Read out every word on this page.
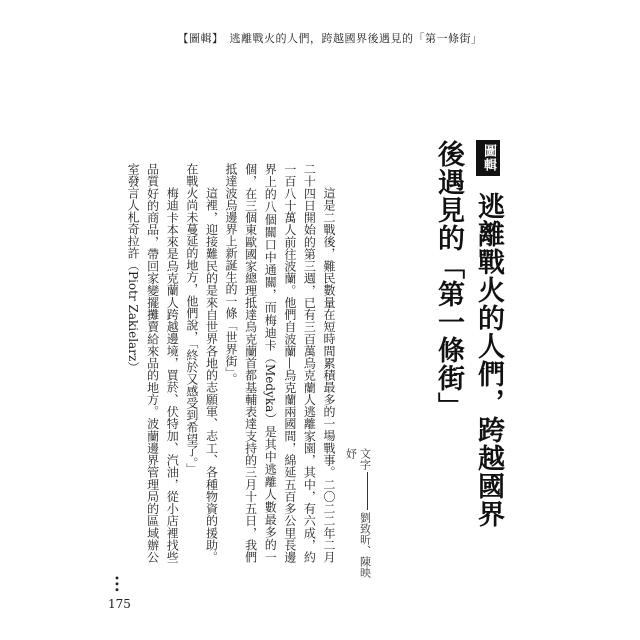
【圖輯】　逃離戰火的人們，跨越國界後遇見的「第一條街」
圖輯 逃離戰火的人們，跨越國界後遇見的「第一條街」
文字劉致昕、陳映妤

這是二戰後，難民數量在短時間累積最多的一場戰事。二〇二二年二月二十四日開始的第三週，已有三百萬烏克蘭人逃離家園，其中，有六成，約一百八十萬人前往波蘭。他們自波蘭—烏克蘭兩國間，綿延五百多公里長邊界上的八個關口中通關，而梅迪卡（Medyka）是其中逃離人數最多的一個，在三個東歐國家總理抵達烏克蘭首都基輔表達支持的三月十五日，我們抵達波烏邊界上新誕生的一條「世界街」。

這裡，迎接難民的是來自世界各地的志願軍、志工、各種物資的援助。在戰火尚未蔓延的地方，他們說，「終於又感受到希望了。」

梅迪卡本來是烏克蘭人跨越邊境，買菸、伏特加、汽油，從小店裡找些品質好的商品，帶回家變擺攤賣給來品的地方。波蘭邊界管理局的區域辦公室發言人札奇拉許（Piotr Zakielarz）

•••
175
